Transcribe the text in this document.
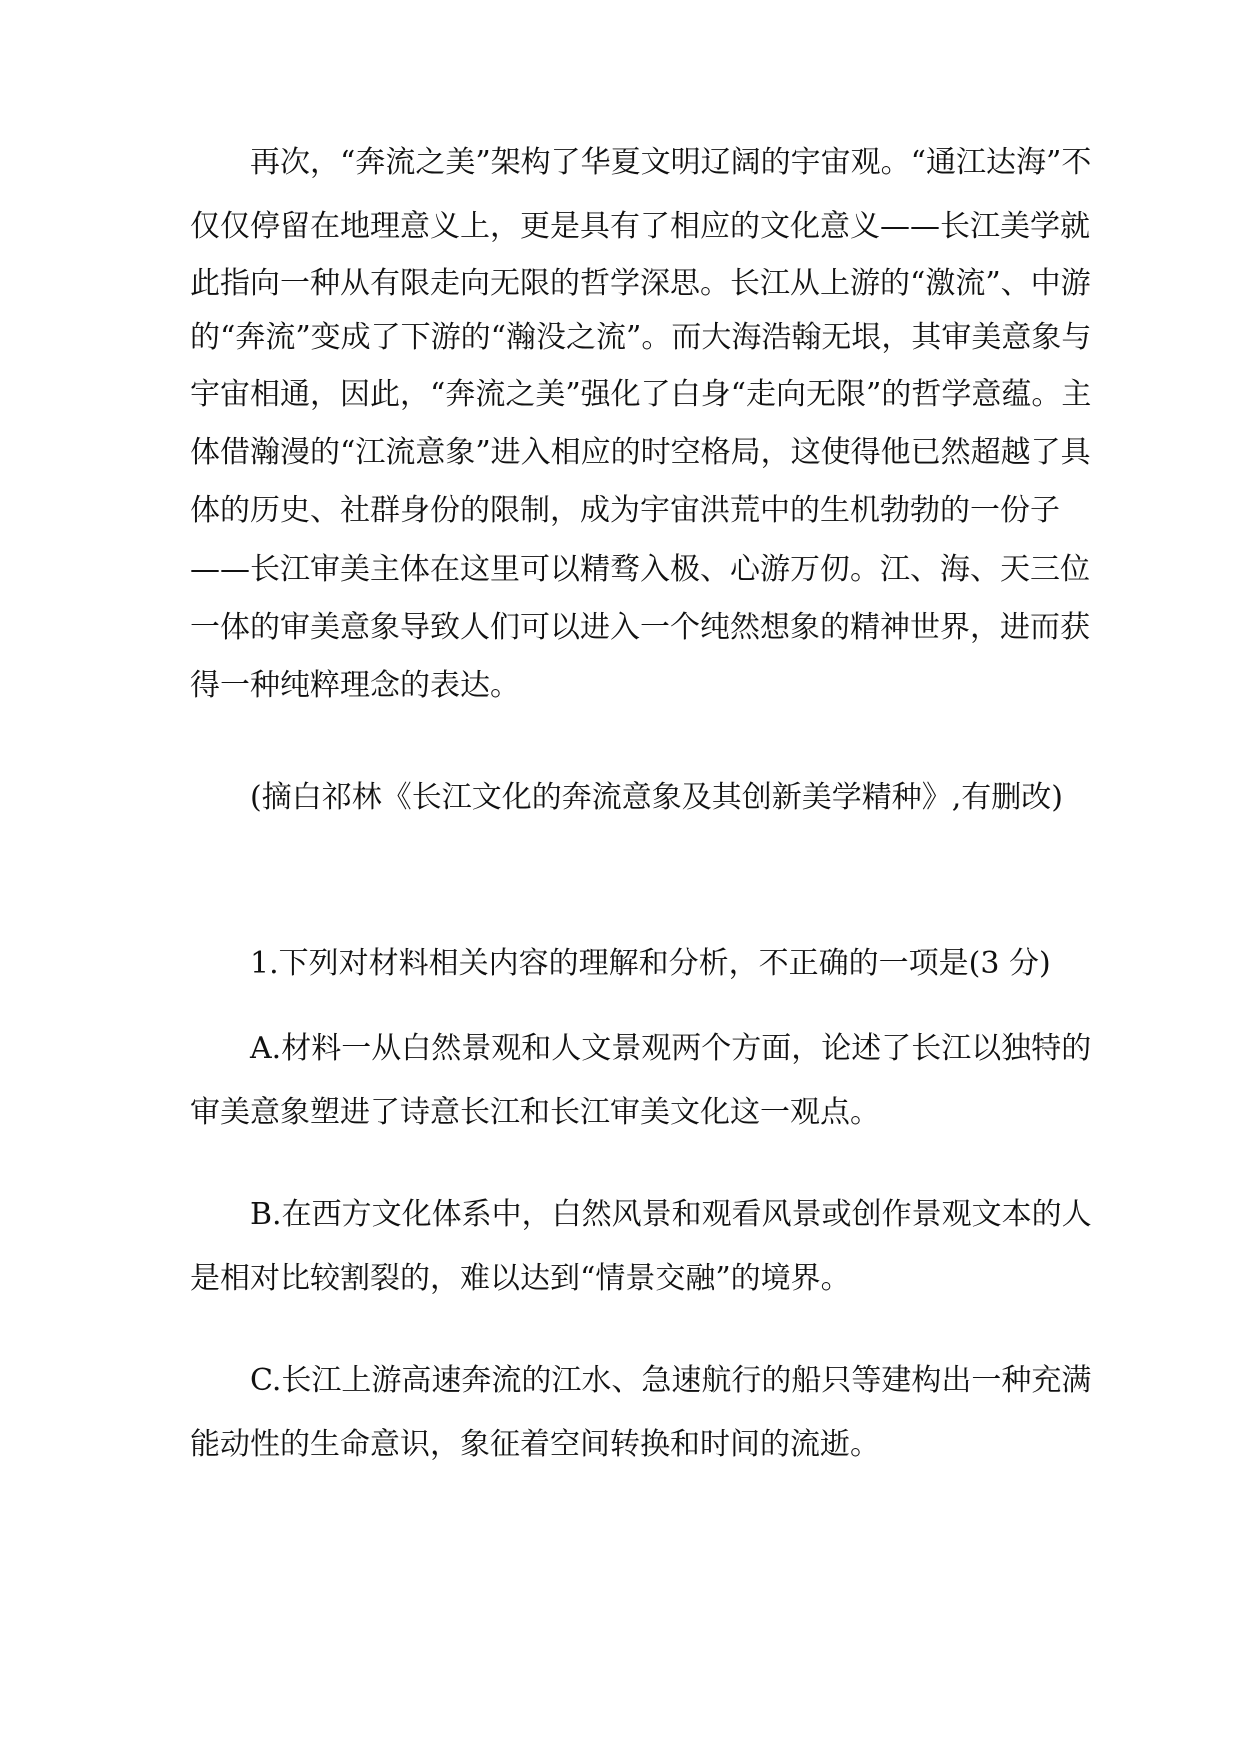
再次，“奔流之美”架构了华夏文明辽阔的宇宙观。“通江达海”不

仅仅停留在地理意义上，更是具有了相应的文化意义——长江美学就

此指向一种从有限走向无限的哲学深思。长江从上游的“激流”、中游

的“奔流”变成了下游的“瀚没之流”。而大海浩翰无垠，其审美意象与

宇宙相通，因此，“奔流之美”强化了白身“走向无限”的哲学意蕴。主

体借瀚漫的“江流意象”进入相应的时空格局，这使得他已然超越了具

体的历史、社群身份的限制，成为宇宙洪荒中的生机勃勃的一份子

——长江审美主体在这里可以精骛入极、心游万仞。江、海、天三位

一体的审美意象导致人们可以进入一个纯然想象的精神世界，进而获

得一种纯粹理念的表达。

(摘白祁林《长江文化的奔流意象及其创新美学精种》,有删改)

1.下列对材料相关内容的理解和分析，不正确的一项是(3 分)

A.材料一从白然景观和人文景观两个方面，论述了长江以独特的
审美意象塑进了诗意长江和长江审美文化这一观点。
B.在西方文化体系中，白然风景和观看风景或创作景观文本的人
是相对比较割裂的，难以达到“情景交融”的境界。
C.长江上游高速奔流的江水、急速航行的船只等建构出一种充满
能动性的生命意识，象征着空间转换和时间的流逝。
